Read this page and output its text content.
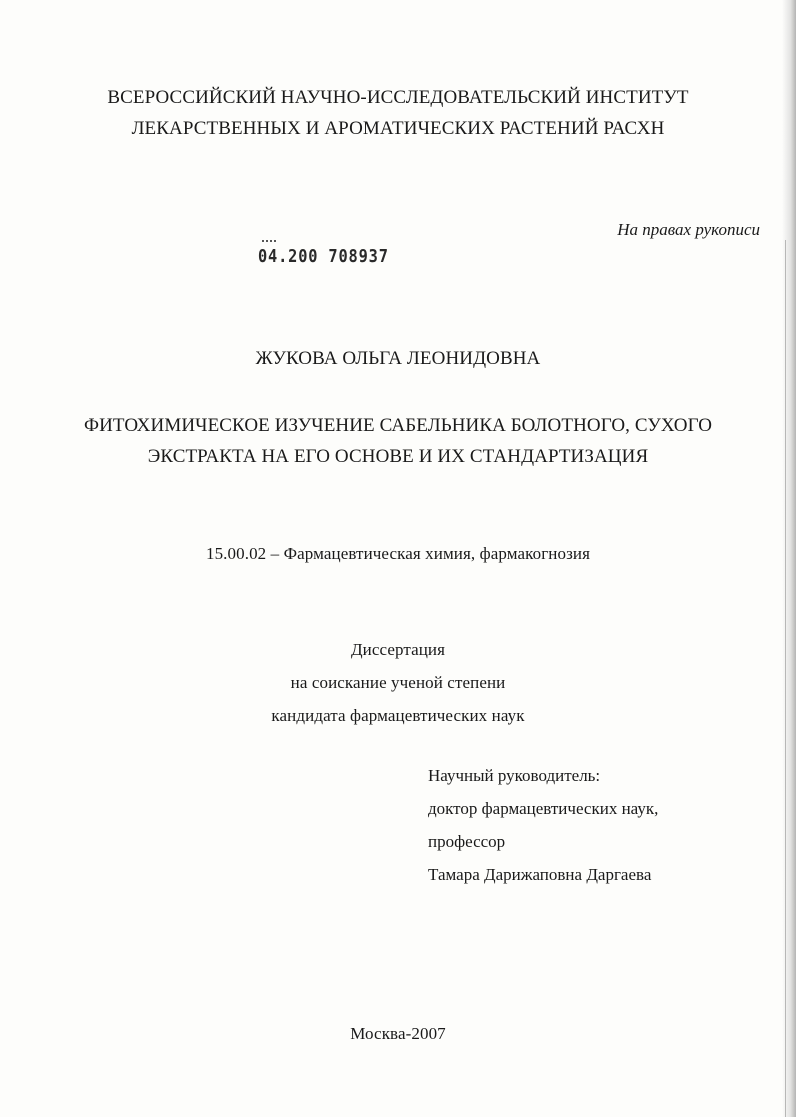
ВСЕРОССИЙСКИЙ НАУЧНО-ИССЛЕДОВАТЕЛЬСКИЙ ИНСТИТУТ
ЛЕКАРСТВЕННЫХ И АРОМАТИЧЕСКИХ РАСТЕНИЙ РАСХН
На правах рукописи
04.200 708937
ЖУКОВА ОЛЬГА ЛЕОНИДОВНА
ФИТОХИМИЧЕСКОЕ ИЗУЧЕНИЕ САБЕЛЬНИКА БОЛОТНОГО, СУХОГО
ЭКСТРАКТА НА ЕГО ОСНОВЕ И ИХ СТАНДАРТИЗАЦИЯ
15.00.02 – Фармацевтическая химия, фармакогнозия
Диссертация
на соискание ученой степени
кандидата фармацевтических наук
Научный руководитель:
доктор фармацевтических наук,
профессор
Тамара Дарижаповна Даргаева
Москва-2007
